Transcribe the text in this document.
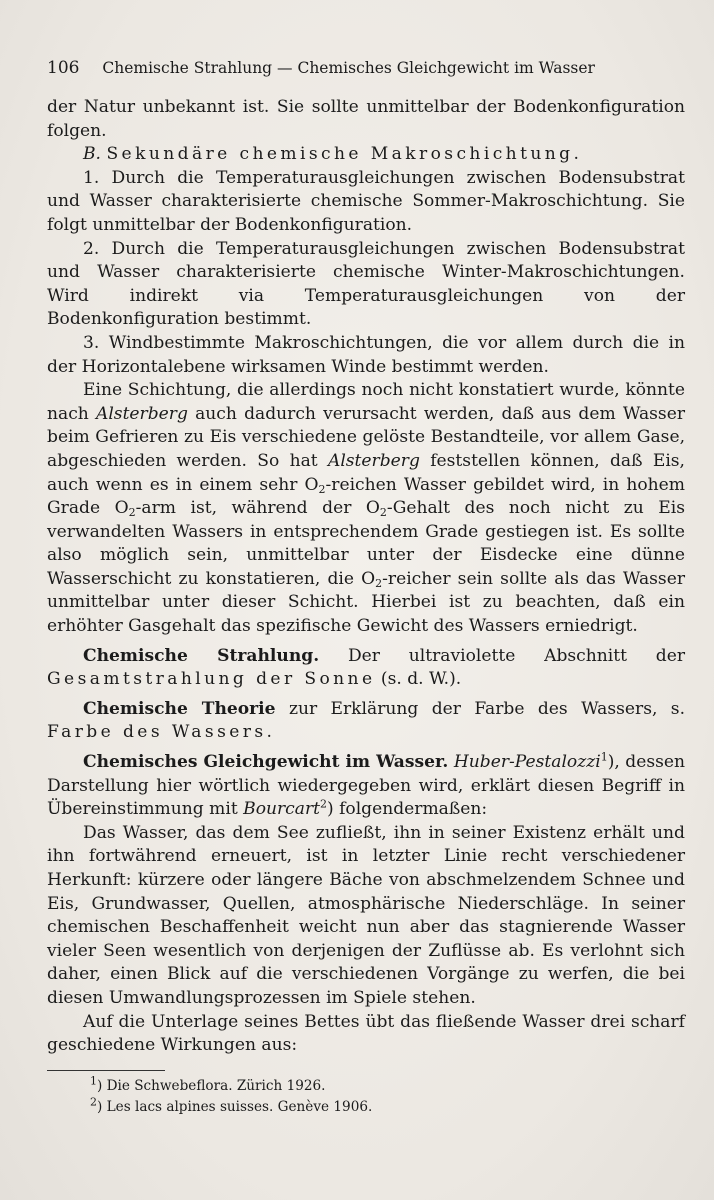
106 Chemische Strahlung — Chemisches Gleichgewicht im Wasser

der Natur unbekannt ist. Sie sollte unmittelbar der Bodenkonfiguration folgen.

B. Sekundäre chemische Makroschichtung.

1. Durch die Temperaturausgleichungen zwischen Bodensubstrat und Wasser charakterisierte chemische Sommer-Makroschichtung. Sie folgt unmittelbar der Bodenkonfiguration.

2. Durch die Temperaturausgleichungen zwischen Bodensubstrat und Wasser charakterisierte chemische Winter-Makroschichtungen. Wird indirekt via Temperaturausgleichungen von der Bodenkonfiguration bestimmt.

3. Windbestimmte Makroschichtungen, die vor allem durch die in der Horizontalebene wirksamen Winde bestimmt werden.

Eine Schichtung, die allerdings noch nicht konstatiert wurde, könnte nach Alsterberg auch dadurch verursacht werden, daß aus dem Wasser beim Gefrieren zu Eis verschiedene gelöste Bestandteile, vor allem Gase, abgeschieden werden. So hat Alsterberg feststellen können, daß Eis, auch wenn es in einem sehr $O_2$-reichen Wasser gebildet wird, in hohem Grade $O_2$-arm ist, während der $O_2$-Gehalt des noch nicht zu Eis verwandelten Wassers in entsprechendem Grade gestiegen ist. Es sollte also möglich sein, unmittelbar unter der Eisdecke eine dünne Wasserschicht zu konstatieren, die $O_2$-reicher sein sollte als das Wasser unmittelbar unter dieser Schicht. Hierbei ist zu beachten, daß ein erhöhter Gasgehalt das spezifische Gewicht des Wassers erniedrigt.

Chemische Strahlung. Der ultraviolette Abschnitt der Gesamtstrahlung der Sonne (s. d. W.).

Chemische Theorie zur Erklärung der Farbe des Wassers, s. Farbe des Wassers.

Chemisches Gleichgewicht im Wasser. Huber-Pestalozzi$^1$), dessen Darstellung hier wörtlich wiedergegeben wird, erklärt diesen Begriff in Übereinstimmung mit Bourcart$^2$) folgendermaßen:

Das Wasser, das dem See zufließt, ihn in seiner Existenz erhält und ihn fortwährend erneuert, ist in letzter Linie recht verschiedener Herkunft: kürzere oder längere Bäche von abschmelzendem Schnee und Eis, Grundwasser, Quellen, atmosphärische Niederschläge. In seiner chemischen Beschaffenheit weicht nun aber das stagnierende Wasser vieler Seen wesentlich von derjenigen der Zuflüsse ab. Es verlohnt sich daher, einen Blick auf die verschiedenen Vorgänge zu werfen, die bei diesen Umwandlungsprozessen im Spiele stehen.

Auf die Unterlage seines Bettes übt das fließende Wasser drei scharf geschiedene Wirkungen aus:

$^1$) Die Schwebeflora. Zürich 1926.

$^2$) Les lacs alpines suisses. Genève 1906.
